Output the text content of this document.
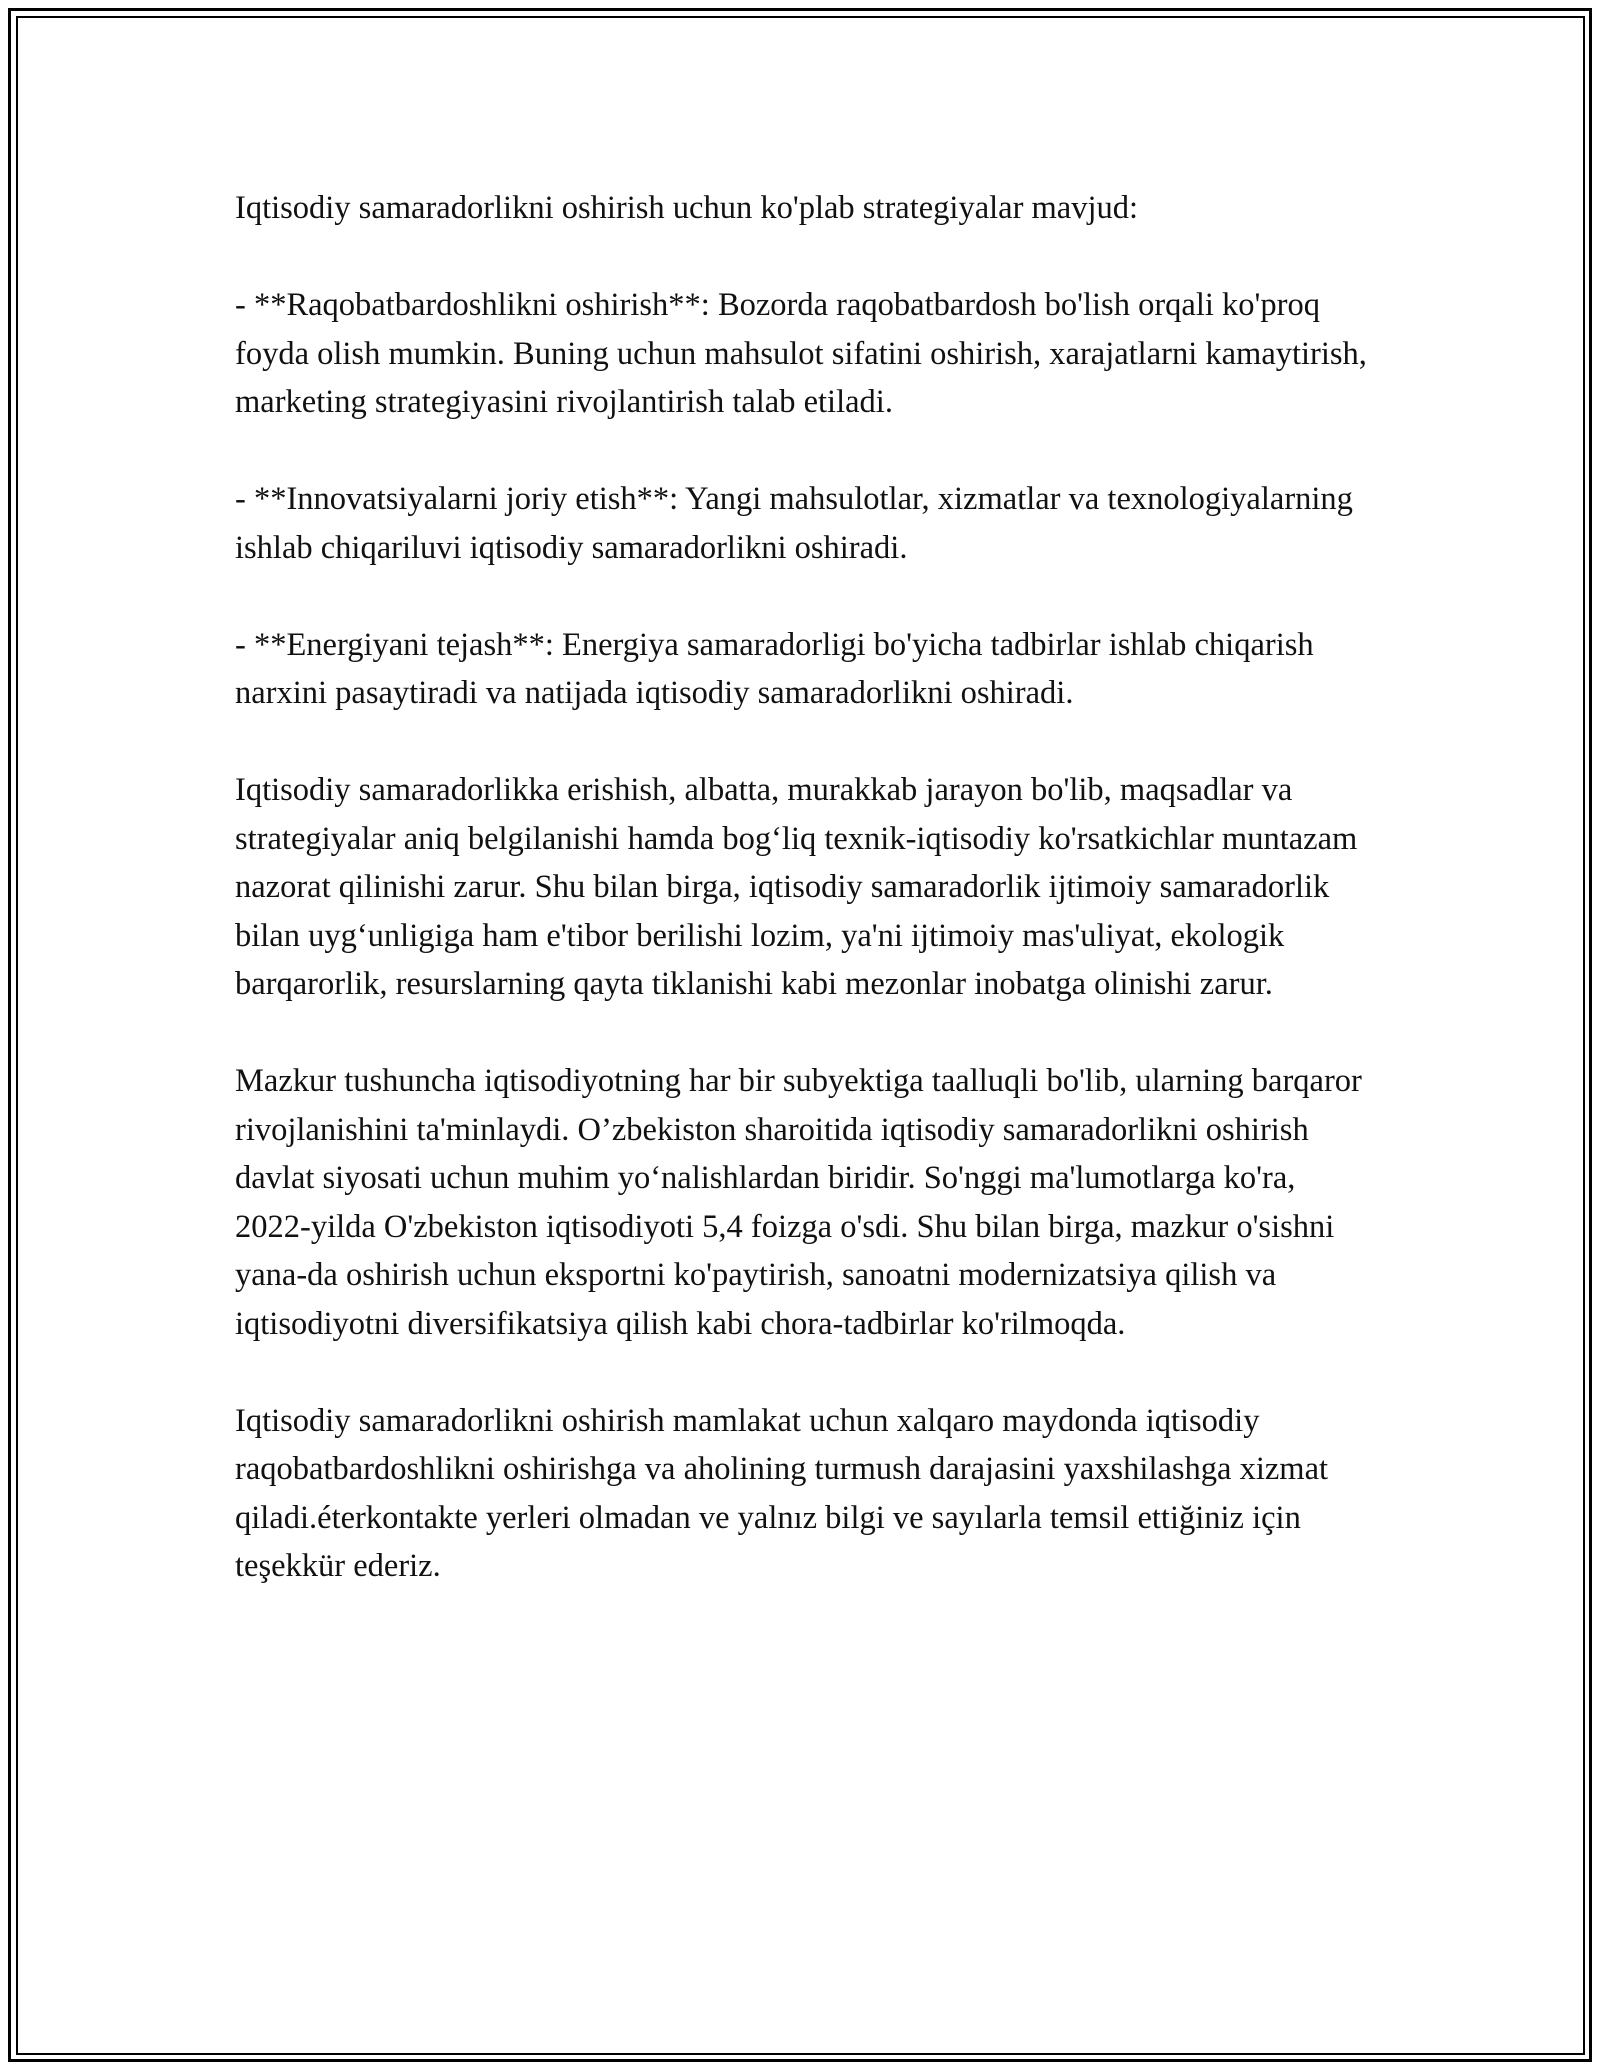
Iqtisodiy samaradorlikni oshirish uchun ko'plab strategiyalar mavjud:

- **Raqobatbardoshlikni oshirish**: Bozorda raqobatbardosh bo'lish orqali ko'proq foyda olish mumkin. Buning uchun mahsulot sifatini oshirish, xarajatlarni kamaytirish, marketing strategiyasini rivojlantirish talab etiladi.

- **Innovatsiyalarni joriy etish**: Yangi mahsulotlar, xizmatlar va texnologiyalarning ishlab chiqariluvi iqtisodiy samaradorlikni oshiradi.

- **Energiyani tejash**: Energiya samaradorligi bo'yicha tadbirlar ishlab chiqarish narxini pasaytiradi va natijada iqtisodiy samaradorlikni oshiradi.

Iqtisodiy samaradorlikka erishish, albatta, murakkab jarayon bo'lib, maqsadlar va strategiyalar aniq belgilanishi hamda bog‘liq texnik-iqtisodiy ko'rsatkichlar muntazam nazorat qilinishi zarur. Shu bilan birga, iqtisodiy samaradorlik ijtimoiy samaradorlik bilan uyg‘unligiga ham e'tibor berilishi lozim, ya'ni ijtimoiy mas'uliyat, ekologik barqarorlik, resurslarning qayta tiklanishi kabi mezonlar inobatga olinishi zarur.

Mazkur tushuncha iqtisodiyotning har bir subyektiga taalluqli bo'lib, ularning barqaror rivojlanishini ta'minlaydi. O’zbekiston sharoitida iqtisodiy samaradorlikni oshirish davlat siyosati uchun muhim yo‘nalishlardan biridir. So'nggi ma'lumotlarga ko'ra, 2022-yilda O'zbekiston iqtisodiyoti 5,4 foizga o'sdi. Shu bilan birga, mazkur o'sishni yana-da oshirish uchun eksportni ko'paytirish, sanoatni modernizatsiya qilish va iqtisodiyotni diversifikatsiya qilish kabi chora-tadbirlar ko'rilmoqda.

Iqtisodiy samaradorlikni oshirish mamlakat uchun xalqaro maydonda iqtisodiy raqobatbardoshlikni oshirishga va aholining turmush darajasini yaxshilashga xizmat qiladi.éterkontakte yerleri olmadan ve yalnız bilgi ve sayılarla temsil ettiğiniz için teşekkür ederiz.
